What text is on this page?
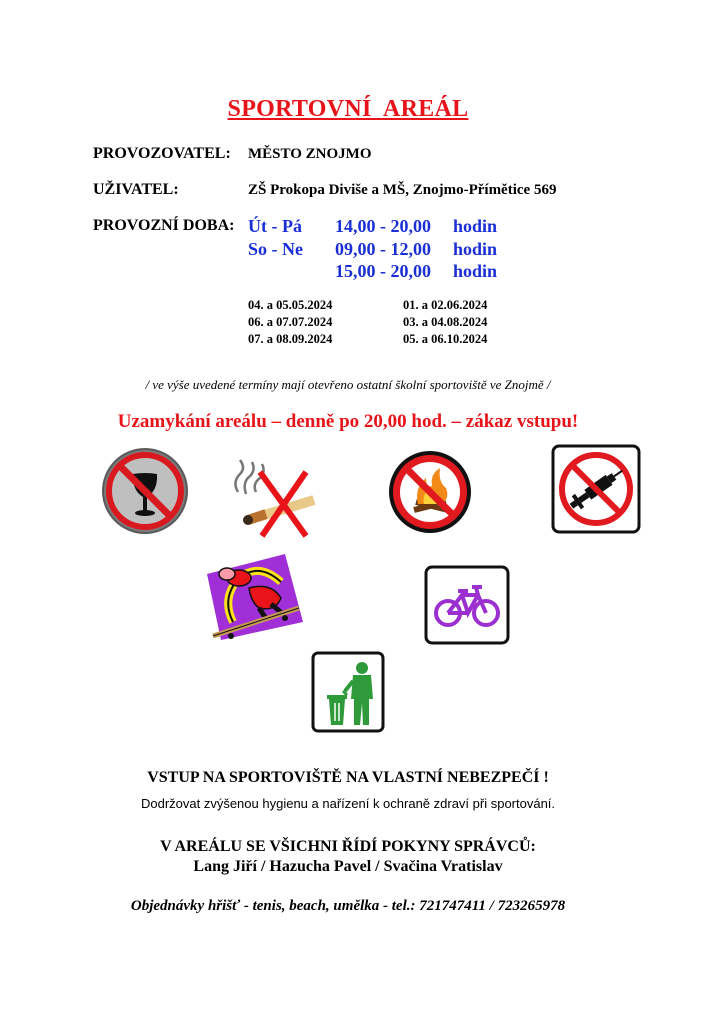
SPORTOVNÍ  AREÁL
PROVOZOVATEL: MĚSTO ZNOJMO
UŽIVATEL:	ZŠ Prokopa Diviše a MŠ, Znojmo-Přímětice 569
PROVOZNÍ DOBA: Út - Pá 14,00 - 20,00 hodin
So - Ne 09,00 - 12,00 hodin
15,00 - 20,00 hodin
04. a 05.05.2024
06. a 07.07.2024
07. a 08.09.2024
01. a 02.06.2024
03. a 04.08.2024
05. a 06.10.2024
/ ve výše uvedené termíny mají otevřeno ostatní školní sportoviště ve Znojmě /
Uzamykání areálu – denně po 20,00 hod. – zákaz vstupu!
VSTUP NA SPORTOVIŠTĚ NA VLASTNÍ NEBEZPEČÍ !
Dodržovat zvýšenou hygienu a nařízení k ochraně zdraví při sportování.
V AREÁLU SE VŠICHNI ŘÍDÍ POKYNY SPRÁVCŮ:
Lang Jiří / Hazucha Pavel / Svačina Vratislav
Objednávky hřišť - tenis, beach, umělka - tel.: 721747411 / 723265978
